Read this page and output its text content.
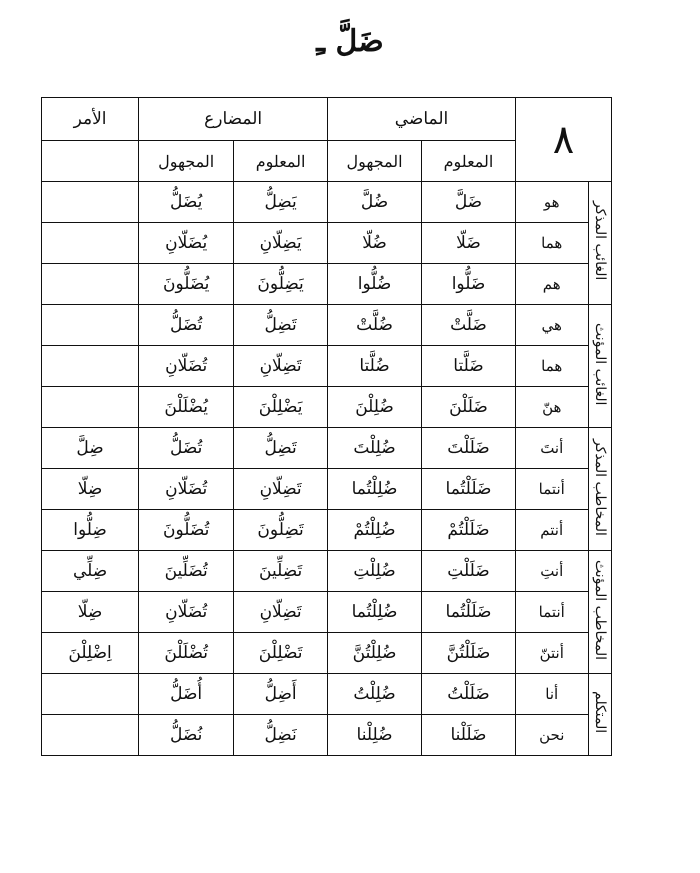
ضَلَّ ـِ
٨		الماضي		المضارع		الأمر
		المعلوم	المجهول	المعلوم	المجهول	
الغائب المذكر	هو	ضَلَّ	ضُلَّ	يَضِلُّ	يُضَلُّ	
	هما	ضَلّا	ضُلّا	يَضِلّانِ	يُضَلّانِ	
	هم	ضَلُّوا	ضُلُّوا	يَضِلُّونَ	يُضَلُّونَ	
الغائب المؤنث	هي	ضَلَّتْ	ضُلَّتْ	تَضِلُّ	تُضَلُّ	
	هما	ضَلَّتا	ضُلَّتا	تَضِلّانِ	تُضَلّانِ	
	هنّ	ضَلَلْنَ	ضُلِلْنَ	يَضْلِلْنَ	يُضْلَلْنَ	
المخاطب المذكر	أنتَ	ضَلَلْتَ	ضُلِلْتَ	تَضِلُّ	تُضَلُّ	ضِلَّ
	أنتما	ضَلَلْتُما	ضُلِلْتُما	تَضِلّانِ	تُضَلّانِ	ضِلّا
	أنتم	ضَلَلْتُمْ	ضُلِلْتُمْ	تَضِلُّونَ	تُضَلُّونَ	ضِلُّوا
المخاطب المؤنث	أنتِ	ضَلَلْتِ	ضُلِلْتِ	تَضِلِّينَ	تُضَلِّينَ	ضِلِّي
	أنتما	ضَلَلْتُما	ضُلِلْتُما	تَضِلّانِ	تُضَلّانِ	ضِلّا
	أنتنّ	ضَلَلْتُنَّ	ضُلِلْتُنَّ	تَضْلِلْنَ	تُضْلَلْنَ	اِضْلِلْنَ
المتكلم	أنا	ضَلَلْتُ	ضُلِلْتُ	أَضِلُّ	أُضَلُّ	
	نحن	ضَلَلْنا	ضُلِلْنا	نَضِلُّ	نُضَلُّ	
